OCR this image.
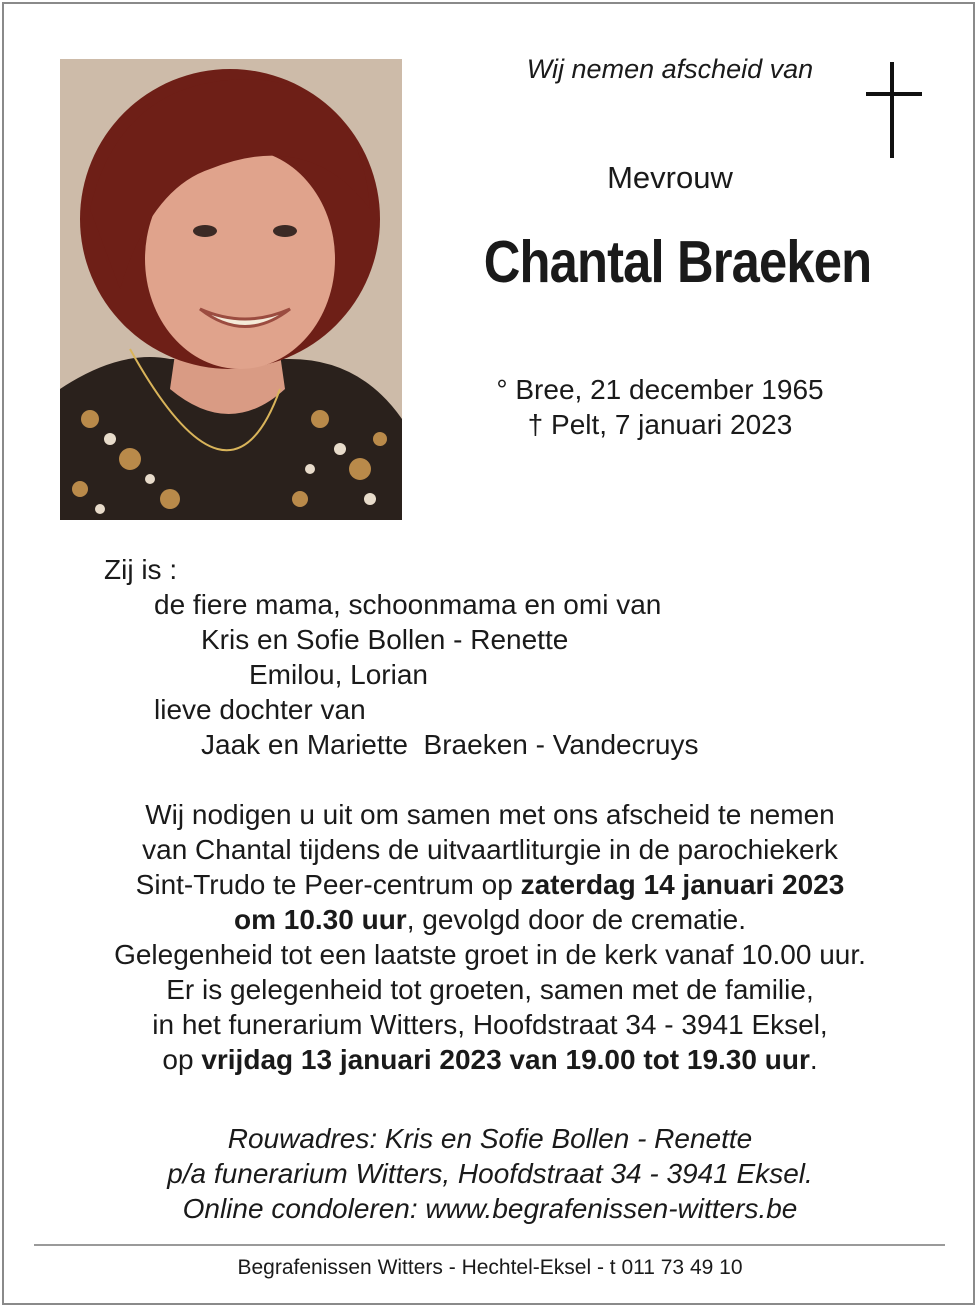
Wij nemen afscheid van
Mevrouw
Chantal Braeken
° Bree, 21 december 1965
† Pelt, 7 januari 2023
Zij is :
de fiere mama, schoonmama en omi van
Kris en Sofie Bollen - Renette
Emilou, Lorian
lieve dochter van
Jaak en Mariette  Braeken - Vandecruys
Wij nodigen u uit om samen met ons afscheid te nemen
van Chantal tijdens de uitvaartliturgie in de parochiekerk
Sint-Trudo te Peer-centrum op zaterdag 14 januari 2023
om 10.30 uur, gevolgd door de crematie.
Gelegenheid tot een laatste groet in de kerk vanaf 10.00 uur.
Er is gelegenheid tot groeten, samen met de familie,
in het funerarium Witters, Hoofdstraat 34 - 3941 Eksel,
op vrijdag 13 januari 2023 van 19.00 tot 19.30 uur.
Rouwadres: Kris en Sofie Bollen - Renette
p/a funerarium Witters, Hoofdstraat 34 - 3941 Eksel.
Online condoleren: www.begrafenissen-witters.be
Begrafenissen Witters - Hechtel-Eksel - t 011 73 49 10
